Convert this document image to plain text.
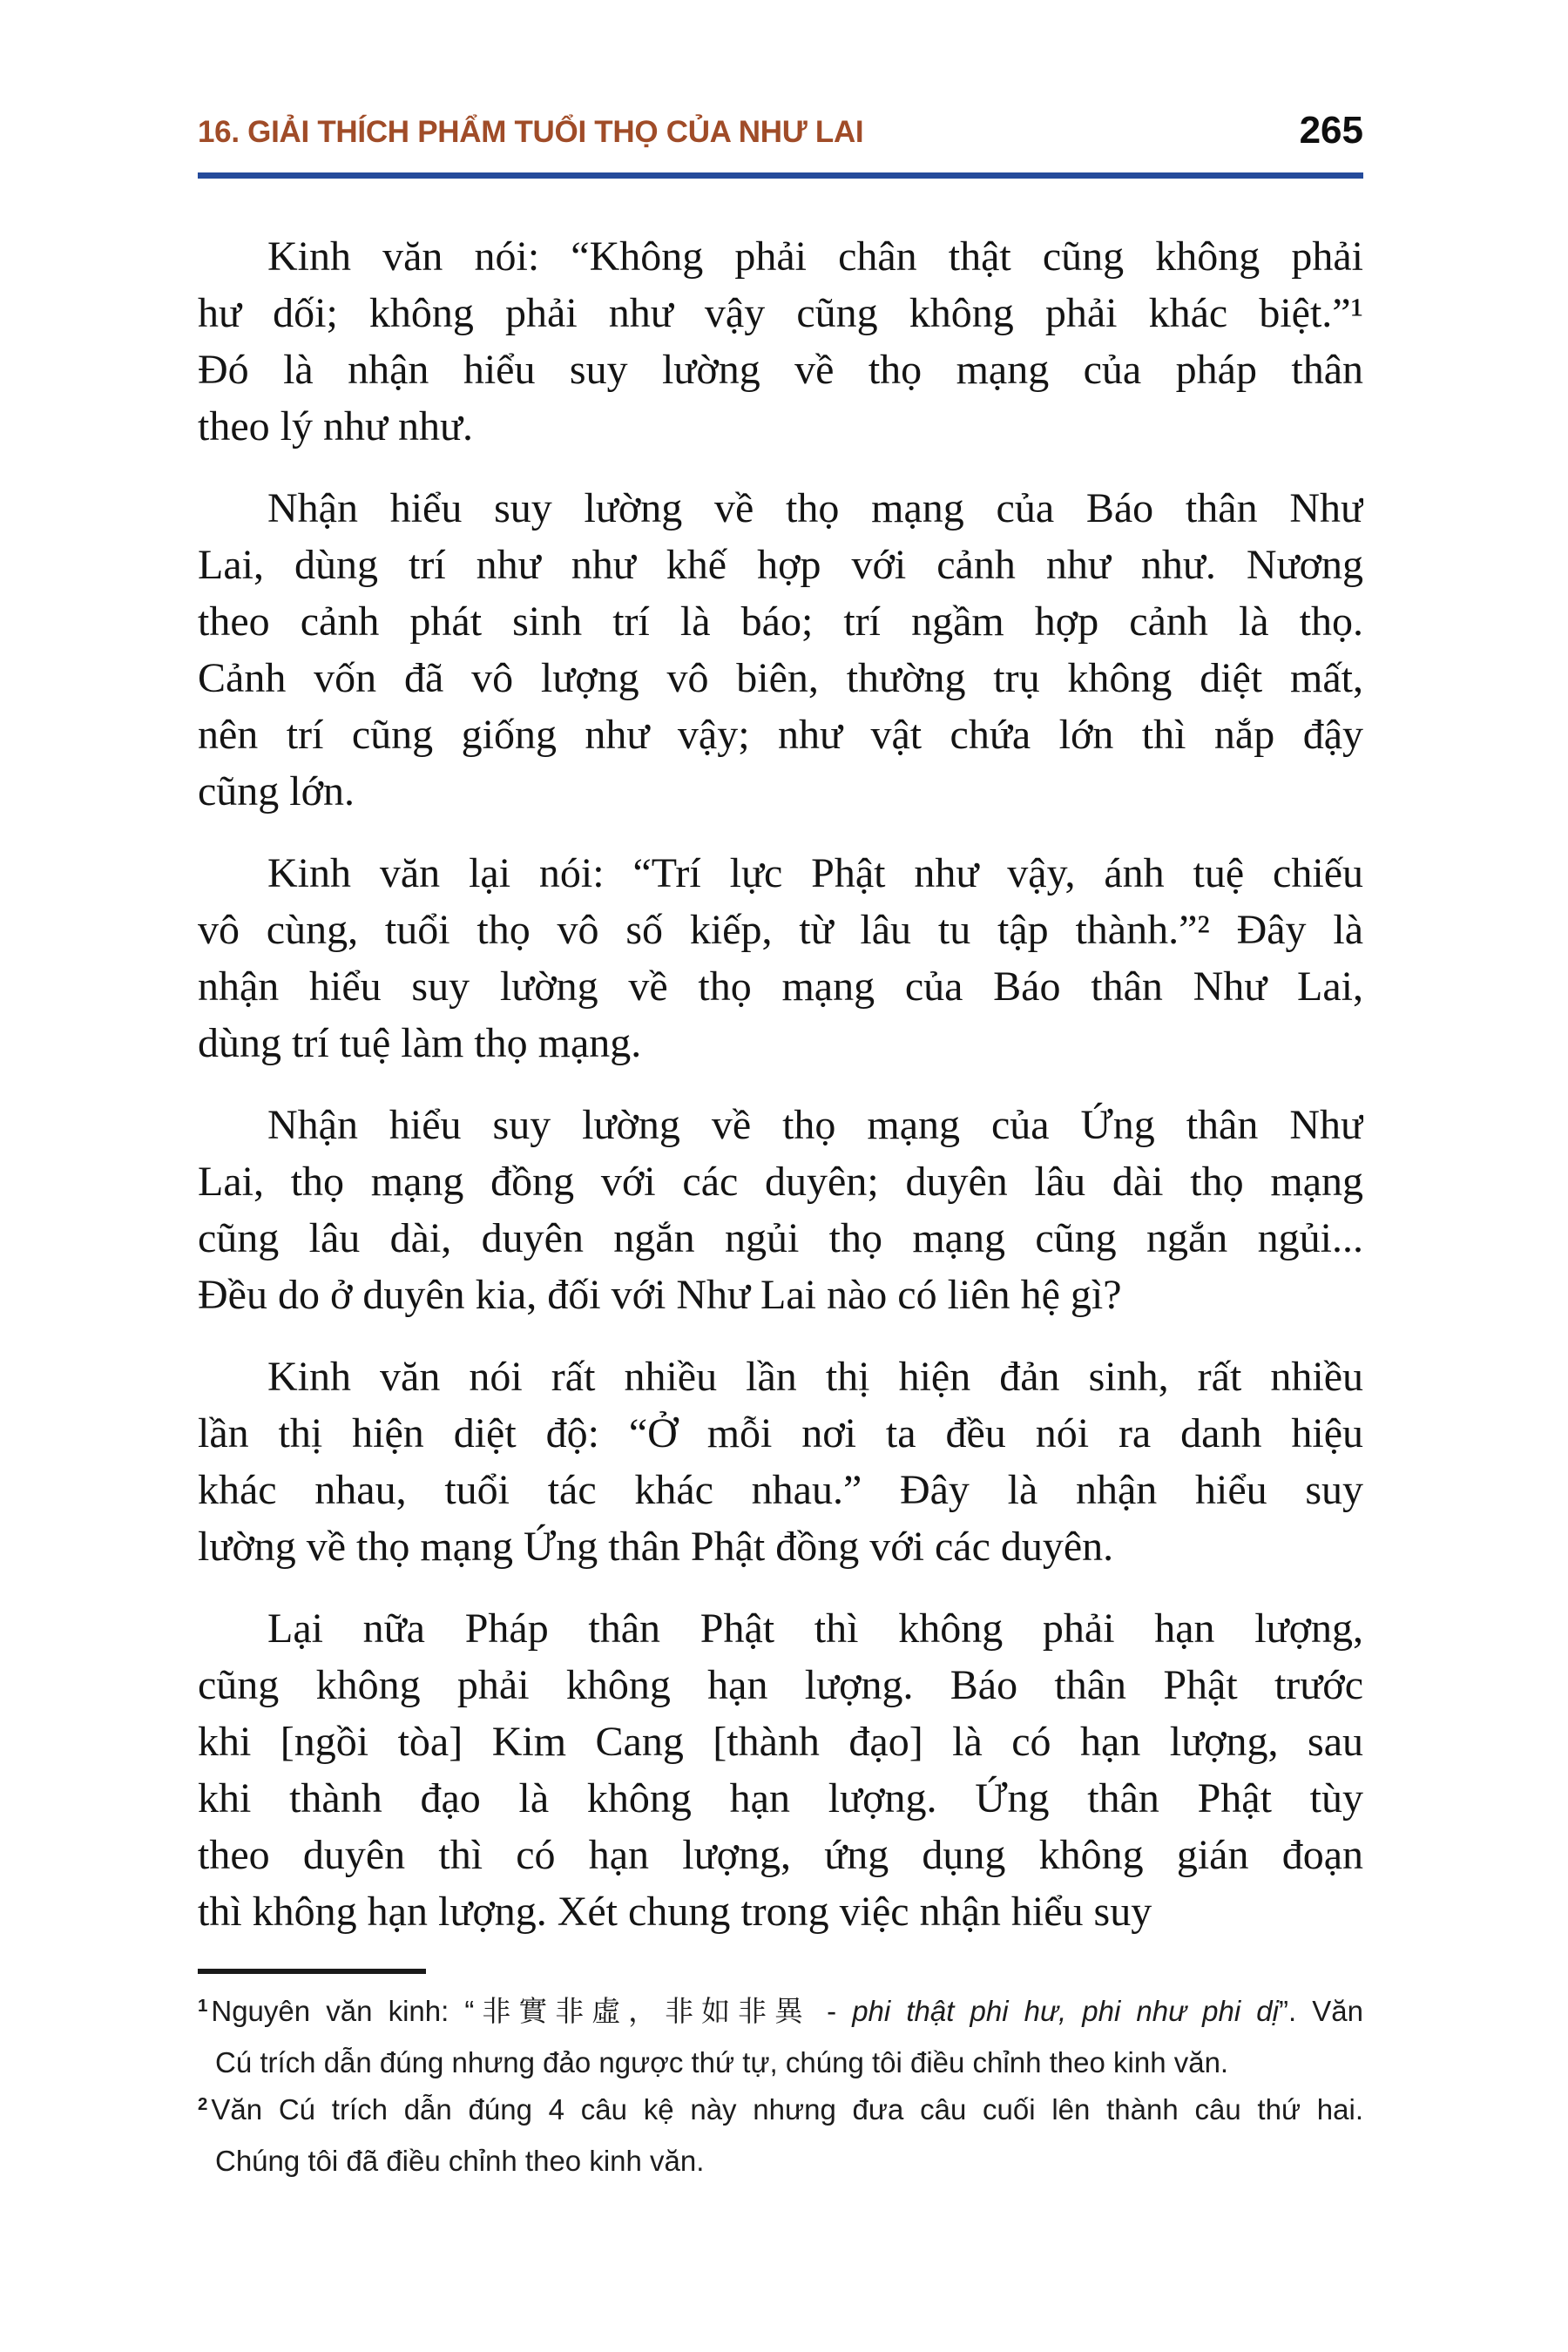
16. GIẢI THÍCH PHẨM TUỔI THỌ CỦA NHƯ LAI	265
Kinh văn nói: “Không phải chân thật cũng không phải
hư dối; không phải như vậy cũng không phải khác biệt.”¹
Đó là nhận hiểu suy lường về thọ mạng của pháp thân
theo lý như như.
Nhận hiểu suy lường về thọ mạng của Báo thân Như
Lai, dùng trí như như khế hợp với cảnh như như. Nương
theo cảnh phát sinh trí là báo; trí ngầm hợp cảnh là thọ.
Cảnh vốn đã vô lượng vô biên, thường trụ không diệt mất,
nên trí cũng giống như vậy; như vật chứa lớn thì nắp đậy
cũng lớn.
Kinh văn lại nói: “Trí lực Phật như vậy, ánh tuệ chiếu
vô cùng, tuổi thọ vô số kiếp, từ lâu tu tập thành.”² Đây là
nhận hiểu suy lường về thọ mạng của Báo thân Như Lai,
dùng trí tuệ làm thọ mạng.
Nhận hiểu suy lường về thọ mạng của Ứng thân Như
Lai, thọ mạng đồng với các duyên; duyên lâu dài thọ mạng
cũng lâu dài, duyên ngắn ngủi thọ mạng cũng ngắn ngủi...
Đều do ở duyên kia, đối với Như Lai nào có liên hệ gì?
Kinh văn nói rất nhiều lần thị hiện đản sinh, rất nhiều
lần thị hiện diệt độ: “Ở mỗi nơi ta đều nói ra danh hiệu
khác nhau, tuổi tác khác nhau.” Đây là nhận hiểu suy
lường về thọ mạng Ứng thân Phật đồng với các duyên.
Lại nữa Pháp thân Phật thì không phải hạn lượng,
cũng không phải không hạn lượng. Báo thân Phật trước
khi [ngồi tòa] Kim Cang [thành đạo] là có hạn lượng, sau
khi thành đạo là không hạn lượng. Ứng thân Phật tùy
theo duyên thì có hạn lượng, ứng dụng không gián đoạn
thì không hạn lượng. Xét chung trong việc nhận hiểu suy
$^1$ Nguyên văn kinh: “非實非虛，非如非異 - phi thật phi hư, phi như phi dị”. Văn
Cú trích dẫn đúng nhưng đảo ngược thứ tự, chúng tôi điều chỉnh theo kinh văn.
$^2$ Văn Cú trích dẫn đúng 4 câu kệ này nhưng đưa câu cuối lên thành câu thứ hai.
Chúng tôi đã điều chỉnh theo kinh văn.
